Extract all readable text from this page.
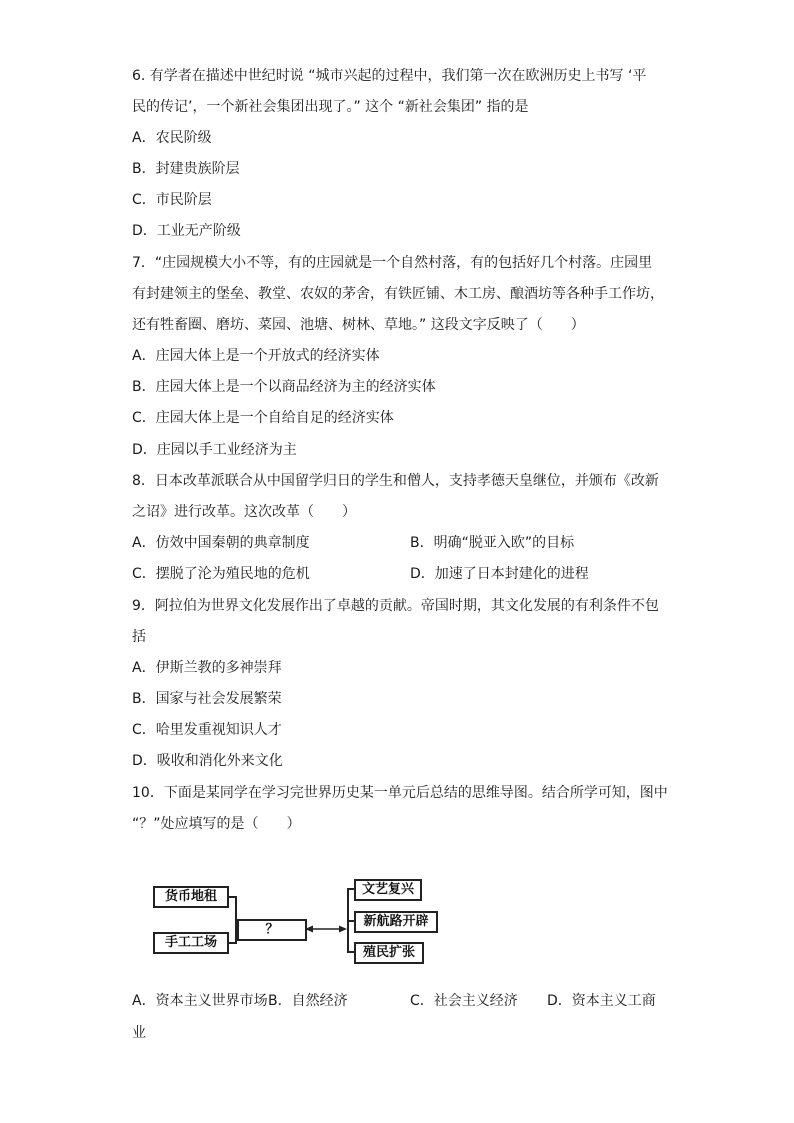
6. 有学者在描述中世纪时说 “城市兴起的过程中，我们第一次在欧洲历史上书写 ‘平
民的传记’，一个新社会集团出现了。” 这个 “新社会集团” 指的是
A．农民阶级
B．封建贵族阶层
C．市民阶层
D．工业无产阶级
7．“庄园规模大小不等，有的庄园就是一个自然村落，有的包括好几个村落。庄园里
有封建领主的堡垒、教堂、农奴的茅舍，有铁匠铺、木工房、酿酒坊等各种手工作坊，
还有牲畜圈、磨坊、菜园、池塘、树林、草地。” 这段文字反映了（　　）
A．庄园大体上是一个开放式的经济实体
B．庄园大体上是一个以商品经济为主的经济实体
C．庄园大体上是一个自给自足的经济实体
D．庄园以手工业经济为主
8．日本改革派联合从中国留学归日的学生和僧人，支持孝德天皇继位，并颁布《改新
之诏》进行改革。这次改革（　　）
A．仿效中国秦朝的典章制度	B．明确“脱亚入欧”的目标
C．摆脱了沦为殖民地的危机	D．加速了日本封建化的进程
9．阿拉伯为世界文化发展作出了卓越的贡献。帝国时期，其文化发展的有利条件不包
括
A．伊斯兰教的多神崇拜
B．国家与社会发展繁荣
C．哈里发重视知识人才
D．吸收和消化外来文化
10．下面是某同学在学习完世界历史某一单元后总结的思维导图。结合所学可知，图中
“？”处应填写的是（　　）
货币地租
手工工场
？
文艺复兴
新航路开辟
殖民扩张
A．资本主义世界市场 B．自然经济	C．社会主义经济 D．资本主义工商
业
